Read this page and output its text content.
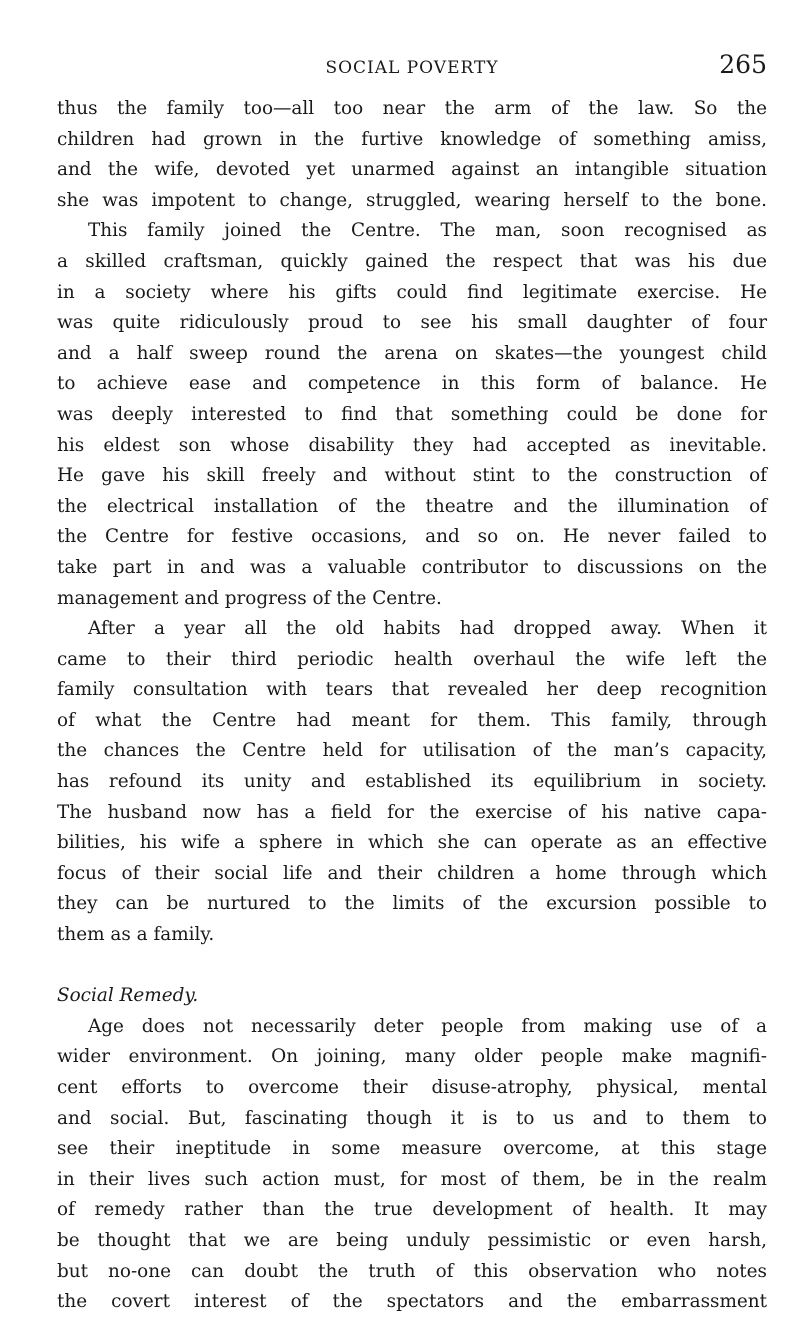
SOCIAL POVERTY	265
thus the family too—all too near the arm of the law. So the
children had grown in the furtive knowledge of something amiss,
and the wife, devoted yet unarmed against an intangible situation
she was impotent to change, struggled, wearing herself to the bone.
This family joined the Centre. The man, soon recognised as
a skilled craftsman, quickly gained the respect that was his due
in a society where his gifts could find legitimate exercise. He
was quite ridiculously proud to see his small daughter of four
and a half sweep round the arena on skates—the youngest child
to achieve ease and competence in this form of balance. He
was deeply interested to find that something could be done for
his eldest son whose disability they had accepted as inevitable.
He gave his skill freely and without stint to the construction of
the electrical installation of the theatre and the illumination of
the Centre for festive occasions, and so on. He never failed to
take part in and was a valuable contributor to discussions on the
management and progress of the Centre.
After a year all the old habits had dropped away. When it
came to their third periodic health overhaul the wife left the
family consultation with tears that revealed her deep recognition
of what the Centre had meant for them. This family, through
the chances the Centre held for utilisation of the man’s capacity,
has refound its unity and established its equilibrium in society.
The husband now has a field for the exercise of his native capa-
bilities, his wife a sphere in which she can operate as an effective
focus of their social life and their children a home through which
they can be nurtured to the limits of the excursion possible to
them as a family.
Social Remedy.
Age does not necessarily deter people from making use of a
wider environment. On joining, many older people make magnifi-
cent efforts to overcome their disuse-atrophy, physical, mental
and social. But, fascinating though it is to us and to them to
see their ineptitude in some measure overcome, at this stage
in their lives such action must, for most of them, be in the realm
of remedy rather than the true development of health. It may
be thought that we are being unduly pessimistic or even harsh,
but no-one can doubt the truth of this observation who notes
the covert interest of the spectators and the embarrassment
